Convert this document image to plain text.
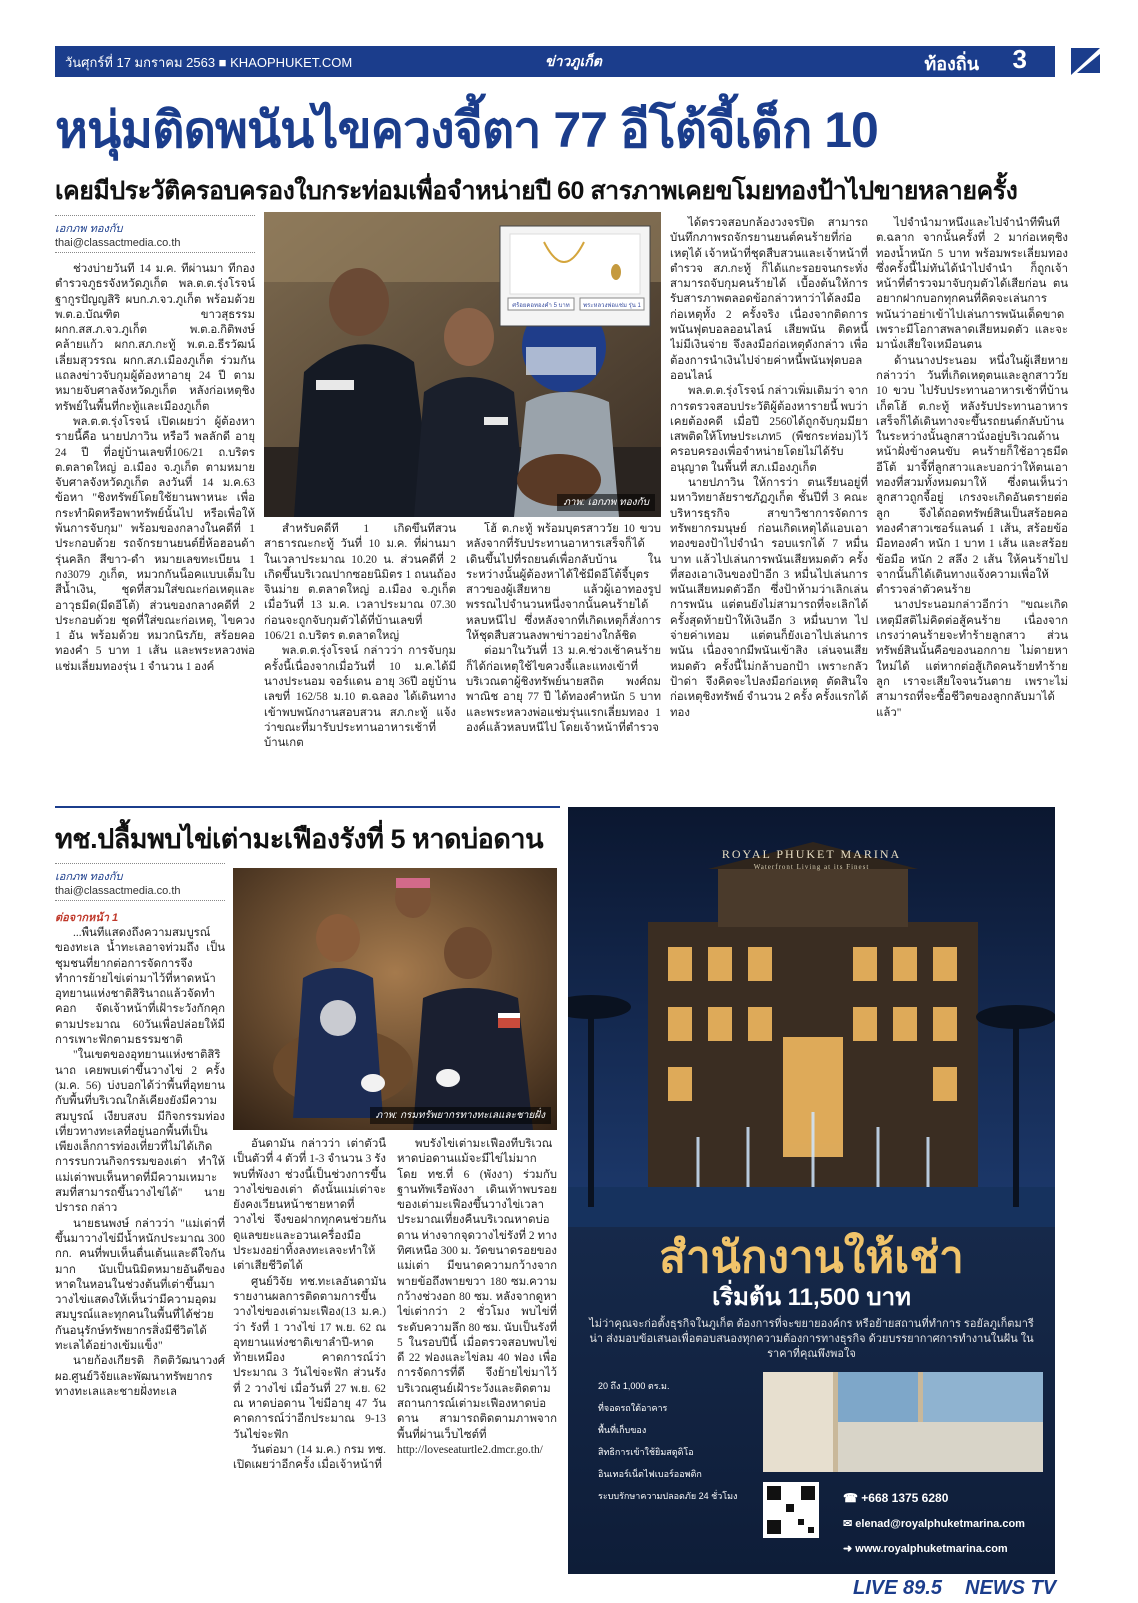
วันศุกร์ที่ 17 มกราคม 2563 ■ KHAOPHUKET.COM	ข่าวภูเก็ต	ท้องถิ่น 3
หนุ่มติดพนันไขควงจี้ตา 77 อีโต้จี้เด็ก 10
เคยมีประวัติครอบครองใบกระท่อมเพื่อจำหน่ายปี 60 สารภาพเคยขโมยทองป้าไปขายหลายครั้ง
เอกภพ ทองกับ
thai@classactmedia.co.th
ศร้อยคอทองคำ 5 บาท พระหลวงพ่อแช่ม รุ่น 1
ภาพ: เอกภพ ทองกับ

ช่วงบ่ายวันที่ 14 ม.ค. ที่ผ่านมา ที่กองตำรวจภูธรจังหวัดภูเก็ต พล.ต.ต.รุ่งโรจน์ ฐากูรปัญญสิริ ผบก.ภ.จว.ภูเก็ต พร้อมด้วย พ.ต.อ.บัณฑิต ขาวสุธรรม ผกก.สส.ภ.จว.ภูเก็ต พ.ต.อ.กิติพงษ์ คล้ายแก้ว ผกก.สภ.กะทู้ พ.ต.อ.ธีรวัฒน์ เลี่ยมสุวรรณ ผกก.สภ.เมืองภูเก็ต ร่วมกันแถลงข่าวจับกุมผู้ต้องหาอายุ 24 ปี ตามหมายจับศาลจังหวัดภูเก็ต หลังก่อเหตุชิงทรัพย์ในพื้นที่กะทู้และเมืองภูเก็ต

พล.ต.ต.รุ่งโรจน์ เปิดเผยว่า ผู้ต้องหารายนี้คือ นายปภาวิน หรือวี พลลักดี อายุ 24 ปี ที่อยู่บ้านเลขที่106/21 ถ.บริตร ต.ตลาดใหญ่ อ.เมือง จ.ภูเก็ต ตามหมายจับศาลจังหวัดภูเก็ต ลงวันที่ 14 ม.ค.63 ข้อหา "ชิงทรัพย์โดยใช้ยานพาหนะ เพื่อกระทำผิดหรือพาทรัพย์นั้นไป หรือเพื่อให้พ้นการจับกุม" พร้อมของกลางในคดีที่ 1 ประกอบด้วย รถจักรยานยนต์ยี่ห้อฮอนด้ารุ่นคลิก สีขาว-ดำ หมายเลขทะเบียน 1 กง3079 ภูเก็ต, หมวกกันน็อคแบบเต็มใบสีน้ำเงิน, ชุดที่สวมใส่ขณะก่อเหตุและอาวุธมีด(มีดอีโต้) ส่วนของกลางคดีที่ 2 ประกอบด้วย ชุดที่ใส่ขณะก่อเหตุ, ไขควง 1 อัน พร้อมด้วย หมวกนิรภัย, สร้อยคอทองคำ 5 บาท 1 เส้น และพระหลวงพ่อแช่มเลี่ยมทองรุ่น 1 จำนวน 1 องค์

สำหรับคดีที่ 1 เกิดขึ้นที่สวนสาธารณะกะทู้ วันที่ 10 ม.ค. ที่ผ่านมา ในเวลาประมาณ 10.20 น. ส่วนคดีที่ 2 เกิดขึ้นบริเวณปากซอยนิมิตร 1 ถนนถ้องจินม่าย ต.ตลาดใหญ่ อ.เมือง จ.ภูเก็ต เมื่อวันที่ 13 ม.ค. เวลาประมาณ 07.30 ก่อนจะถูกจับกุมตัวได้ที่บ้านเลขที่ 106/21 ถ.บริตร ต.ตลาดใหญ่

พล.ต.ต.รุ่งโรจน์ กล่าวว่า การจับกุมครั้งนี้เนื่องจากเมื่อวันที่ 10 ม.ค.ได้มี นางประนอม จอร์แดน อายุ 36ปี อยู่บ้านเลขที่ 162/58 ม.10 ต.ฉลอง ได้เดินทางเข้าพบพนักงานสอบสวน สภ.กะทู้ แจ้งว่าขณะที่มารับประทานอาหารเช้าที่บ้านเกต

โฮ้ ต.กะทู้ พร้อมบุตรสาววัย 10 ขวบ หลังจากที่รับประทานอาหารเสร็จก็ได้เดินขึ้นไปที่รถยนต์เพื่อกลับบ้าน ในระหว่างนั้นผู้ต้องหาได้ใช้มีดอีโต้จี้บุตรสาวของผู้เสียหาย แล้วผู้เอาทองรูปพรรณไปจำนวนหนึ่งจากนั้นคนร้ายได้หลบหนีไป ซึ่งหลังจากที่เกิดเหตุก็สั่งการให้ชุดสืบสวนลงพาข่าวอย่างใกล้ชิด

ต่อมาในวันที่ 13 ม.ค.ช่วงเช้าคนร้ายก็ได้ก่อเหตุใช้ไขควงจี้และแทงเข้าที่บริเวณตาผู้ชิงทรัพย์นายสถิต พงศ์ถมพาณิช อายุ 77 ปี ได้ทองคำหนัก 5 บาท และพระหลวงพ่อแช่มรุ่นแรกเลี่ยมทอง 1 องค์แล้วหลบหนีไป โดยเจ้าหน้าที่ตำรวจ

ได้ตรวจสอบกล้องวงจรปิด สามารถบันทึกภาพรถจักรยานยนต์คนร้ายที่ก่อเหตุได้ เจ้าหน้าที่ชุดสืบสวนและเจ้าหน้าที่ตำรวจ สภ.กะทู้ ก็ได้แกะรอยจนกระทั่งสามารถจับกุมคนร้ายได้ เบื้องต้นให้การรับสารภาพตลอดข้อกล่าวหาว่าได้ลงมือก่อเหตุทั้ง 2 ครั้งจริง เนื่องจากติดการพนันฟุตบอลออนไลน์ เสียพนัน ติดหนี้ไม่มีเงินจ่าย จึงลงมือก่อเหตุดังกล่าว เพื่อต้องการนำเงินไปจ่ายค่าหนี้พนันฟุตบอลออนไลน์

พล.ต.ต.รุ่งโรจน์ กล่าวเพิ่มเติมว่า จากการตรวจสอบประวัติผู้ต้องหารายนี้ พบว่าเคยต้องคดี เมื่อปี 2560ได้ถูกจับกุมมียาเสพติดให้โทษประเภท5 (พืชกระท่อม)ไว้ครอบครองเพื่อจำหน่ายโดยไม่ได้รับอนุญาต ในพื้นที่ สภ.เมืองภูเก็ต

นายปภาวิน ให้การว่า ตนเรียนอยู่ที่มหาวิทยาลัยราชภัฏภูเก็ต ชั้นปีที่ 3 คณะบริหารธุรกิจ สาขาวิชาการจัดการทรัพยากรมนุษย์ ก่อนเกิดเหตุได้แอบเอาทองของป้าไปจำนำ รอบแรกได้ 7 หมื่นบาท แล้วไปเล่นการพนันเสียหมดตัว ครั้งที่สองเอาเงินของป้าอีก 3 หมื่นไปเล่นการพนันเสียหมดตัวอีก ซึ่งป้าห้ามว่าเลิกเล่นการพนัน แต่ตนยังไม่สามารถที่จะเลิกได้ ครั้งสุดท้ายป้าให้เงินอีก 3 หมื่นบาท ไปจ่ายค่าเทอม แต่ตนก็ยังเอาไปเล่นการพนัน เนื่องจากมีพนันเข้าสิง เล่นจนเสียหมดตัว ครั้งนี้ไม่กล้าบอกป้า เพราะกลัวป้าด่า จึงคิดจะไปลงมือก่อเหตุ ตัดสินใจก่อเหตุชิงทรัพย์ จำนวน 2 ครั้ง ครั้งแรกได้ทอง

ไปจำนำมาหนึ่งและไปจำนำที่พื้นที่ ต.ฉลาก จากนั้นครั้งที่ 2 มาก่อเหตุชิงทองน้ำหนัก 5 บาท พร้อมพระเลี่ยมทองซึ่งครั้งนี้ไม่ทันได้นำไปจำนำ ก็ถูกเจ้าหน้าที่ตำรวจมาจับกุมตัวได้เสียก่อน ตนอยากฝากบอกทุกคนที่คิดจะเล่นการพนันว่าอย่าเข้าไปเล่นการพนันเด็ดขาด เพราะมีโอกาสพลาดเสียหมดตัว และจะมานั่งเสียใจเหมือนตน

ด้านนางประนอม หนึ่งในผู้เสียหาย กล่าวว่า วันที่เกิดเหตุตนและลูกสาววัย 10 ขวบ ไปรับประทานอาหารเช้าที่บ้านเก็ตโฮ้ ต.กะทู้ หลังรับประทานอาหารเสร็จก็ได้เดินทางจะขึ้นรถยนต์กลับบ้าน ในระหว่างนั้นลูกสาวนั่งอยู่บริเวณด้านหน้าฝั่งข้างคนขับ คนร้ายก็ใช้อาวุธมีดอีโต้ มาจี้ที่ลูกสาวและบอกว่าให้ตนเอาทองที่สวมทั้งหมดมาให้ ซึ่งตนเห็นว่าลูกสาวถูกจี้อยู่ เกรงจะเกิดอันตรายต่อลูก จึงได้ถอดทรัพย์สินเป็นสร้อยคอทองคำสาวเซอร์แลนด์ 1 เส้น, สร้อยข้อมือทองคำ หนัก 1 บาท 1 เส้น และสร้อยข้อมือ หนัก 2 สลึง 2 เส้น ให้คนร้ายไป จากนั้นก็ได้เดินทางแจ้งความเพื่อให้ตำรวจล่าตัวคนร้าย

นางประนอมกล่าวอีกว่า "ขณะเกิดเหตุมีสติไม่คิดต่อสู้คนร้าย เนื่องจากเกรงว่าคนร้ายจะทำร้ายลูกสาว ส่วนทรัพย์สินนั้นคือของนอกกาย ไม่ตายหาใหม่ได้ แต่หากต่อสู้เกิดคนร้ายทำร้ายลูก เราจะเสียใจจนวันตาย เพราะไม่สามารถที่จะซื้อชีวิตของลูกกลับมาได้แล้ว"

ทช.ปลื้มพบไข่เต่ามะเฟืองรังที่ 5 หาดบ่อดาน
เอกภพ ทองกับ
thai@classactmedia.co.th
ต่อจากหน้า 1
ภาพ: กรมทรัพยากรทางทะเลและชายฝั่ง

...พื้นที่แสดงถึงความสมบูรณ์ของทะเล น้ำทะเลอาจท่วมถึง เป็นชุมชนที่ยากต่อการจัดการจึงทำการย้ายไข่เต่ามาไว้ที่หาดหน้าอุทยานแห่งชาติสิรินาถแล้วจัดทำคอก จัดเจ้าหน้าที่เฝ้าระวังกักคุกตามประมาณ 60วันเพื่อปล่อยให้มีการเพาะฟักตามธรรมชาติ

"ในเขตของอุทยานแห่งชาติสิรินาถ เคยพบเต่าขึ้นวางไข่ 2 ครั้ง (ม.ค. 56) บ่งบอกได้ว่าพื้นที่อุทยานกับพื้นที่บริเวณใกล้เคียงยังมีความสมบูรณ์ เงียบสงบ มีกิจกรรมท่องเที่ยวทางทะเลที่อยู่นอกพื้นที่เป็นเพียงเล็กการท่องเที่ยวที่ไม่ได้เกิดการรบกวนกิจกรรมของเต่า ทำให้แม่เต่าพบเห็นหาดที่มีความเหมาะสมที่สามารถขึ้นวางไข่ได้" นายปรารถ กล่าว

นายธนพงษ์ กล่าวว่า "แม่เต่าที่ขึ้นมาวางไข่มีน้ำหนักประมาณ 300 กก. คนที่พบเห็นตื่นเต้นและดีใจกันมาก นับเป็นนิมิตหมายอันดีของหาดในหอนในช่วงต้นที่เต่าขึ้นมาวางไข่แสดงให้เห็นว่ามีความอุดมสมบูรณ์และทุกคนในพื้นที่ได้ช่วยกันอนุรักษ์ทรัพยากรสิ่งมีชีวิตได้ทะเลได้อย่างเข้มแข็ง"

นายก้องเกียรติ กิตติวัฒนาวงศ์ ผอ.ศูนย์วิจัยและพัฒนาทรัพยากรทางทะเลและชายฝั่งทะเล

อันดามัน กล่าวว่า เต่าตัวนี้เป็นตัวที่ 4 ตัวที่ 1-3 จำนวน 3 รังพบที่พังงา ช่วงนี้เป็นช่วงการขึ้นวางไข่ของเต่า ดังนั้นแม่เต่าจะยังคงเวียนหน้าชายหาดที่วางไข่ จึงขอฝากทุกคนช่วยกันดูแลขยะและอวนเครื่องมือประมงอย่าทิ้งลงทะเลจะทำให้เต่าเสียชีวิตได้

ศูนย์วิจัย ทช.ทะเลอันดามันรายงานผลการติดตามการขึ้นวางไข่ของเต่ามะเฟือง(13 ม.ค.) ว่า รังที่ 1 วางไข่ 17 พ.ย. 62 ณ อุทยานแห่งชาติเขาลำปี-หาดท้ายเหมือง คาดการณ์ว่าประมาณ 3 วันไข่จะฟัก ส่วนรังที่ 2 วางไข่ เมื่อวันที่ 27 พ.ย. 62 ณ หาดบ่อดาน ไข่มีอายุ 47 วันคาดการณ์ว่าอีกประมาณ 9-13 วันไข่จะฟัก

วันต่อมา (14 ม.ค.) กรม ทช. เปิดเผยว่าอีกครั้ง เมื่อเจ้าหน้าที่

พบรังไข่เต่ามะเฟืองที่บริเวณหาดบ่อดานแม้จะมีไข่ไม่มาก โดย ทช.ที่ 6 (พังงา) ร่วมกับฐานทัพเรือพังงา เดินเท้าพบรอยของเต่ามะเฟืองขึ้นวางไข่เวลาประมาณเที่ยงคืนบริเวณหาดบ่อดาน ห่างจากจุดวางไข่รังที่ 2 ทางทิศเหนือ 300 ม. วัดขนาดรอยของแม่เต่า มีขนาดความกว้างจากพายข้อถึงพายขวา 180 ซม.ความกว้างช่วงอก 80 ซม. หลังจากดูหาไข่เต่ากว่า 2 ชั่วโมง พบไข่ที่ระดับความลึก 80 ซม. นับเป็นรังที่ 5 ในรอบปีนี้ เมื่อตรวจสอบพบไข่ดี 22 ฟองและไข่ลม 40 ฟอง เพื่อการจัดการที่ดี จึงย้ายไข่มาไว้บริเวณศูนย์เฝ้าระวังและติดตามสถานการณ์เต่ามะเฟืองหาดบ่อดาน สามารถติดตามภาพจากพื้นที่ผ่านเว็บไซต์ที่ http://loveseaturtle2.dmcr.go.th/

ROYAL PHUKET MARINA
Waterfront Living at its Finest
สำนักงานให้เช่า
เริ่มต้น 11,500 บาท
ไม่ว่าคุณจะก่อตั้งธุรกิจในภูเก็ต ต้องการที่จะขยายองค์กร หรือย้ายสถานที่ทำการ รอยัลภูเก็ตมารีน่า ส่งมอบข้อเสนอเพื่อตอบสนองทุกความต้องการทางธุรกิจ ด้วยบรรยากาศการทำงานในฝัน ในราคาที่คุณพึงพอใจ
20 ถึง 1,000 ตร.ม.
ที่จอดรถใต้อาคาร
พื้นที่เก็บของ
สิทธิการเข้าใช้ยิมสตูดิโอ
อินเทอร์เน็ตไฟเบอร์ออพติก
ระบบรักษาความปลอดภัย 24 ชั่วโมง	☎ +668 1375 6280
✉ elenad@royalphuketmarina.com
➜ www.royalphuketmarina.com
LIVE 89.5 NEWS TV
